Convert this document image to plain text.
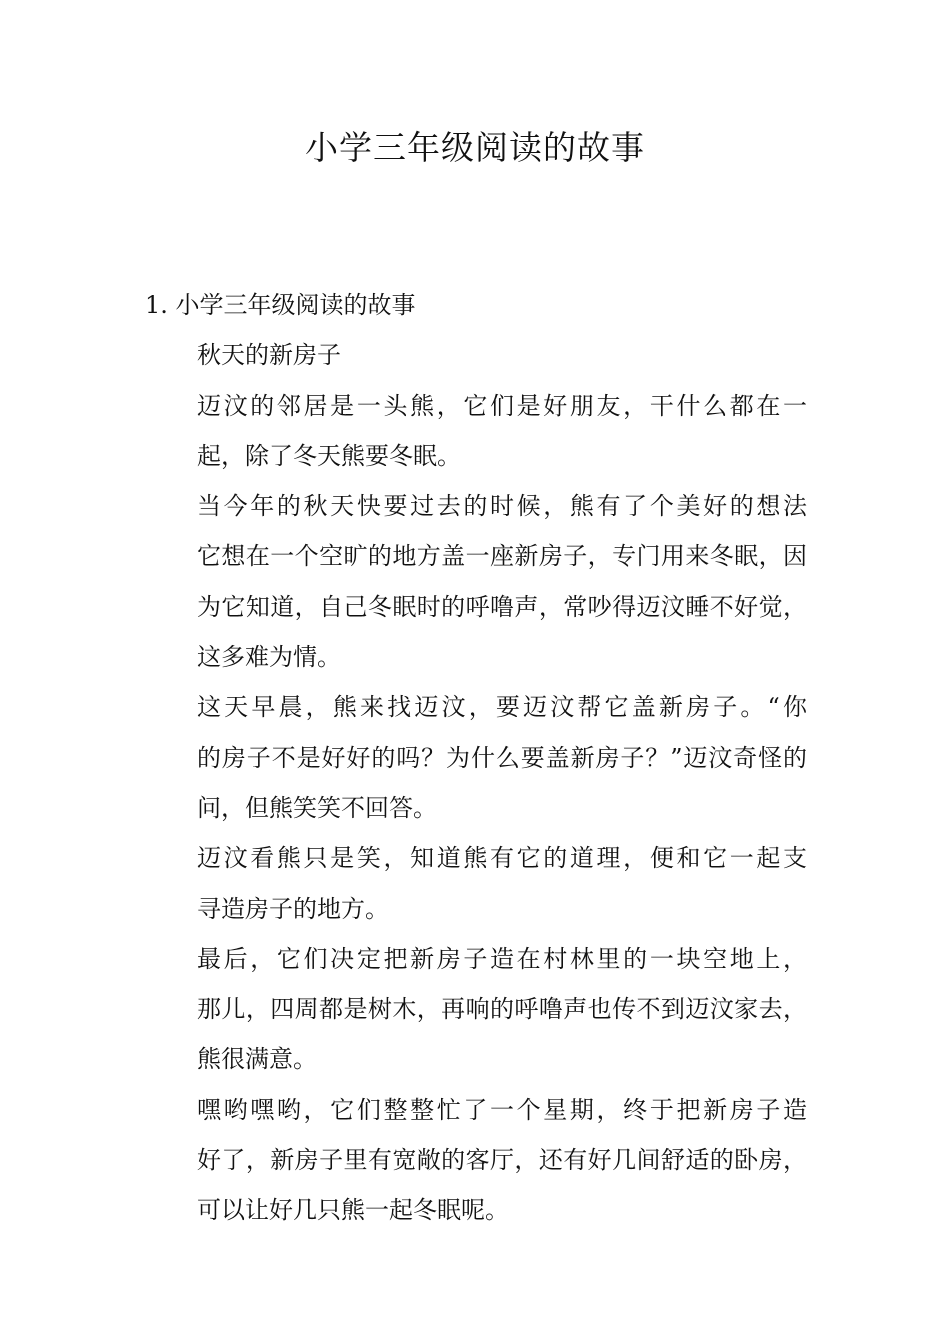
小学三年级阅读的故事

1. 小学三年级阅读的故事

秋天的新房子

迈汶的邻居是一头熊，它们是好朋友，干什么都在一
起，除了冬天熊要冬眠。

当今年的秋天快要过去的时候，熊有了个美好的想法
它想在一个空旷的地方盖一座新房子，专门用来冬眠，因
为它知道，自己冬眠时的呼噜声，常吵得迈汶睡不好觉，
这多难为情。

这天早晨，熊来找迈汶，要迈汶帮它盖新房子。“你
的房子不是好好的吗？为什么要盖新房子？”迈汶奇怪的
问，但熊笑笑不回答。

迈汶看熊只是笑，知道熊有它的道理，便和它一起支
寻造房子的地方。

最后，它们决定把新房子造在村林里的一块空地上，
那儿，四周都是树木，再响的呼噜声也传不到迈汶家去，
熊很满意。

嘿哟嘿哟，它们整整忙了一个星期，终于把新房子造
好了，新房子里有宽敞的客厅，还有好几间舒适的卧房，
可以让好几只熊一起冬眠呢。
